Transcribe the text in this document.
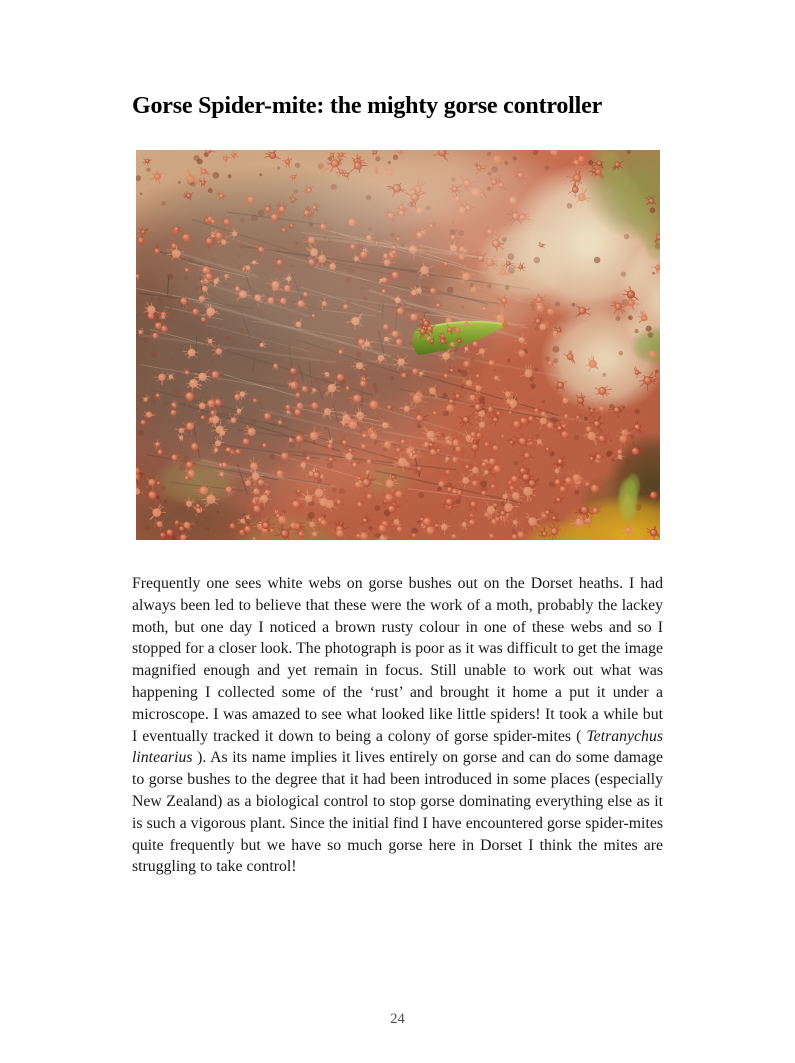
Gorse Spider-mite: the mighty gorse controller

Frequently one sees white webs on gorse bushes out on the Dorset heaths. I had always been led to believe that these were the work of a moth, probably the lackey moth, but one day I noticed a brown rusty colour in one of these webs and so I stopped for a closer look. The photograph is poor as it was difficult to get the image magnified enough and yet remain in focus. Still unable to work out what was happening I collected some of the ‘rust’ and brought it home a put it under a microscope. I was amazed to see what looked like little spiders! It took a while but I eventually tracked it down to being a colony of gorse spider-mites ( Tetranychus lintearius ). As its name implies it lives entirely on gorse and can do some damage to gorse bushes to the degree that it had been introduced in some places (especially New Zealand) as a biological control to stop gorse dominating everything else as it is such a vigorous plant. Since the initial find I have encountered gorse spider-mites quite frequently but we have so much gorse here in Dorset I think the mites are struggling to take control!

24
